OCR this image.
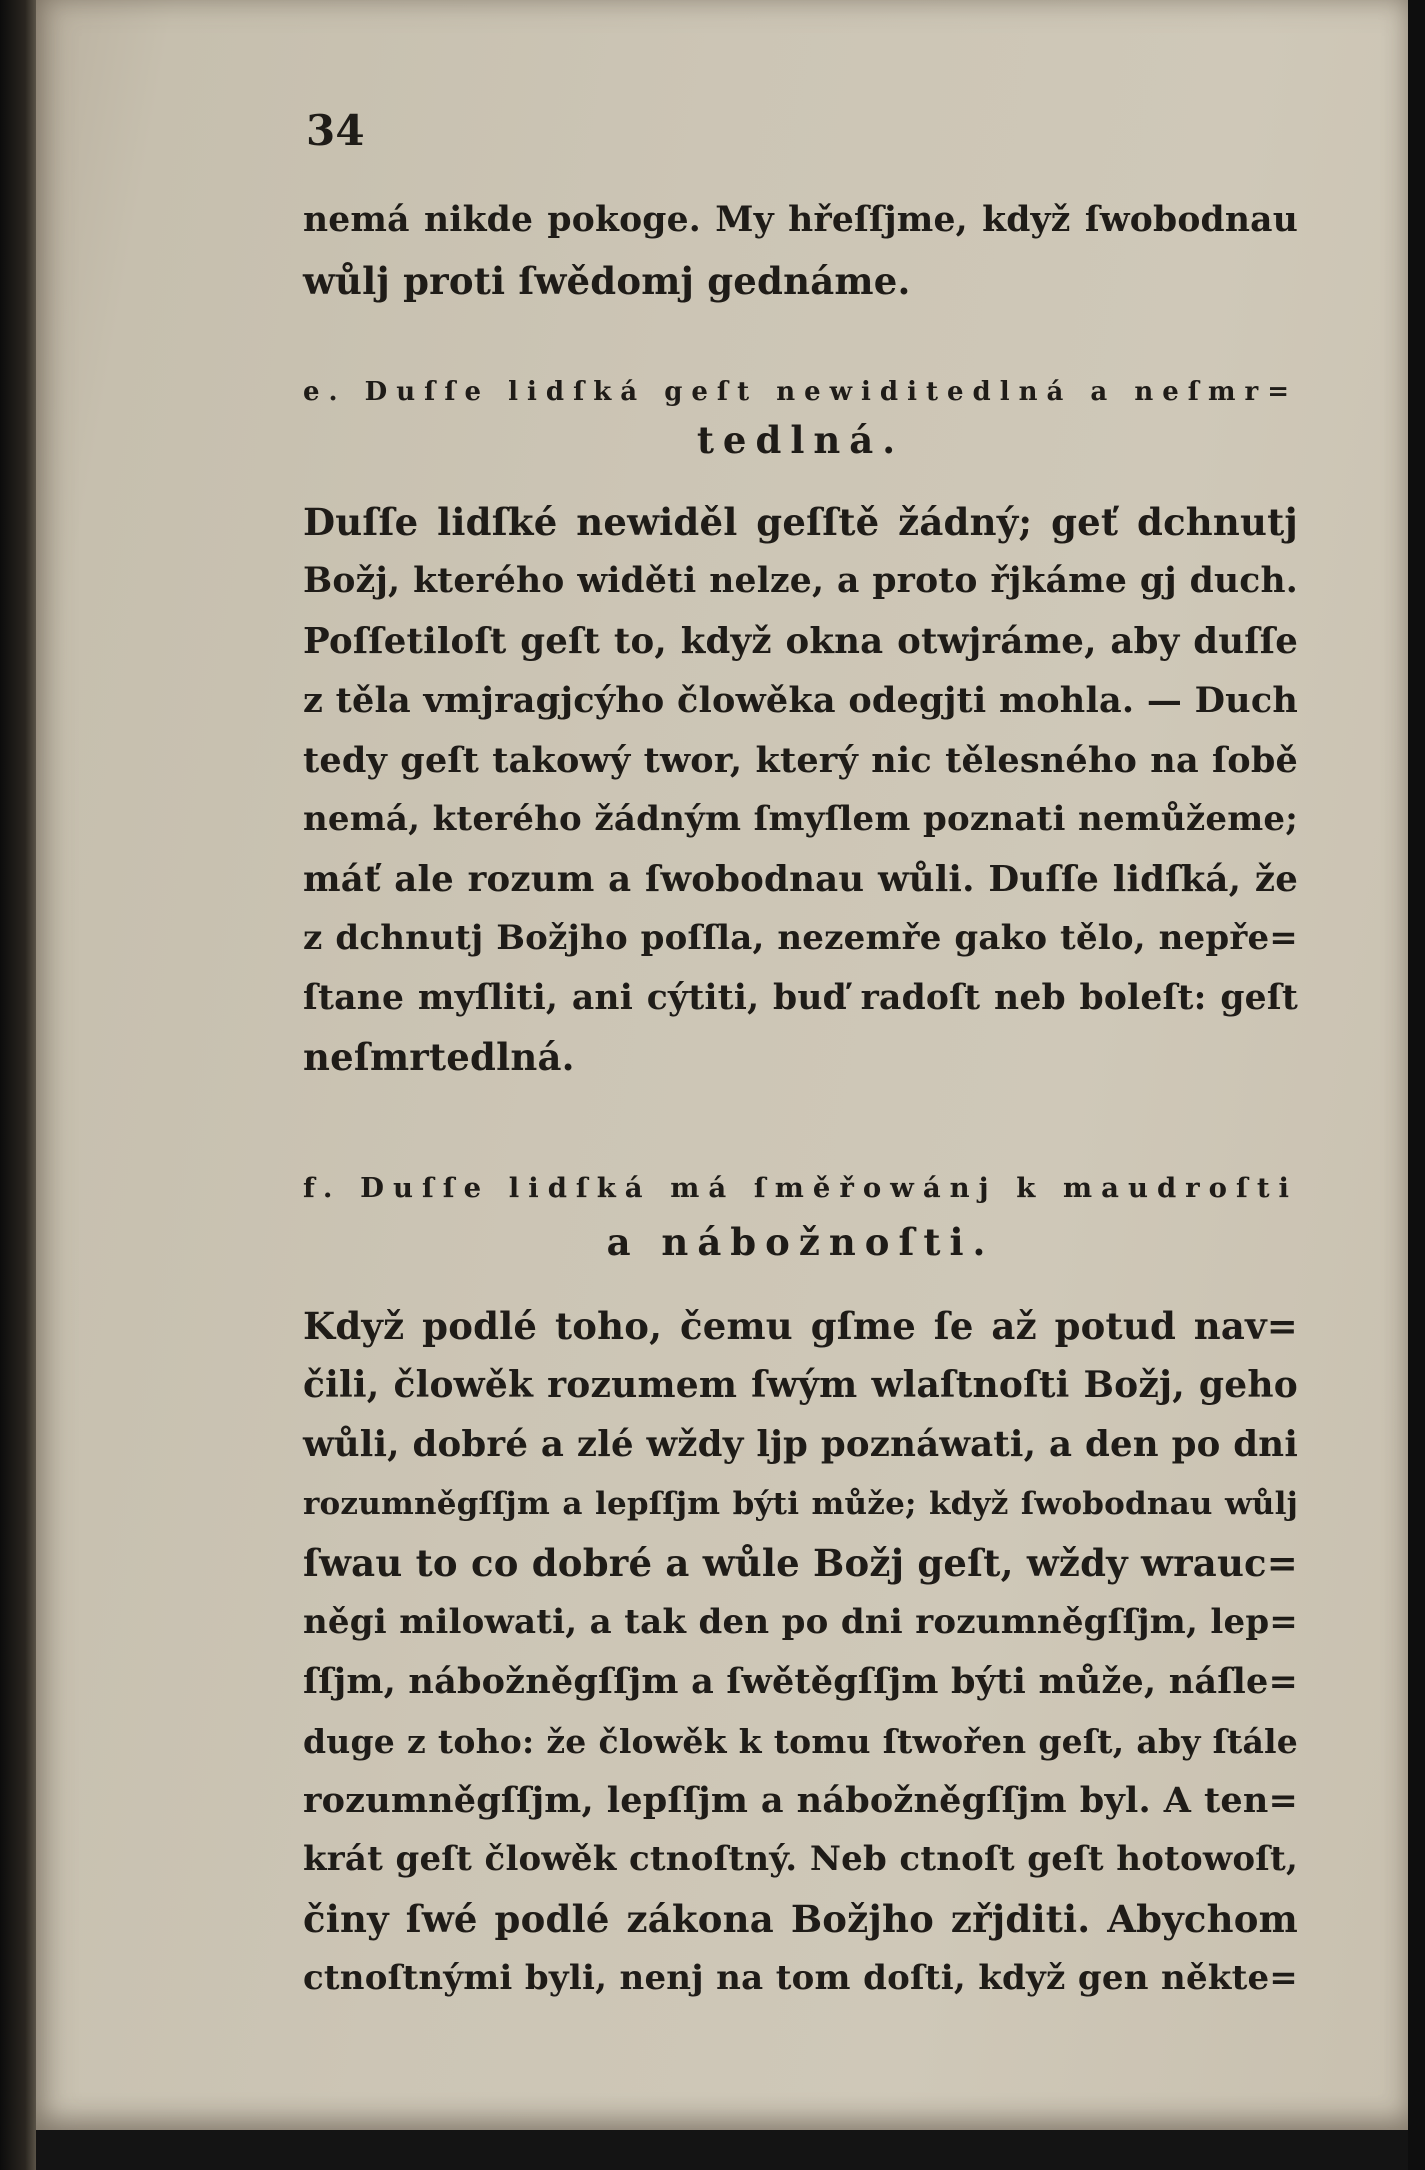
34
nemá nikde pokoge. My hřeſſjme, když ſwobodnau
wůlj proti ſwědomj gednáme.
e. Duſſe lidſká geſt newiditedlná a neſmr=
tedlná.
Duſſe lidſké newiděl geſſtě žádný; geť dchnutj
Božj, kterého widěti nelze, a proto řjkáme gj duch.
Poſſetiloſt geſt to, když okna otwjráme, aby duſſe
z těla vmjragjcýho člowěka odegjti mohla. — Duch
tedy geſt takowý twor, který nic tělesného na ſobě
nemá, kterého žádným ſmyſlem poznati nemůžeme;
máť ale rozum a ſwobodnau wůli. Duſſe lidſká, že
z dchnutj Božjho poſſla, nezemře gako tělo, nepře=
ſtane myſliti, ani cýtiti, buď radoſt neb boleſt: geſt
neſmrtedlná.
f. Duſſe lidſká má ſměřowánj k maudroſti
a nábožnoſti.
Když podlé toho, čemu gſme ſe až potud nav=
čili, člowěk rozumem ſwým wlaſtnoſti Božj, geho
wůli, dobré a zlé wždy ljp poznáwati, a den po dni
rozumněgſſjm a lepſſjm býti může; když ſwobodnau wůlj
ſwau to co dobré a wůle Božj geſt, wždy wrauc=
něgi milowati, a tak den po dni rozumněgſſjm, lep=
ſſjm, nábožněgſſjm a ſwětěgſſjm býti může, náſle=
duge z toho: že člowěk k tomu ſtwořen geſt, aby ſtále
rozumněgſſjm, lepſſjm a nábožněgſſjm byl. A ten=
krát geſt člowěk ctnoſtný. Neb ctnoſt geſt hotowoſt,
činy ſwé podlé zákona Božjho zřjditi. Abychom
ctnoſtnými byli, nenj na tom doſti, když gen někte=
